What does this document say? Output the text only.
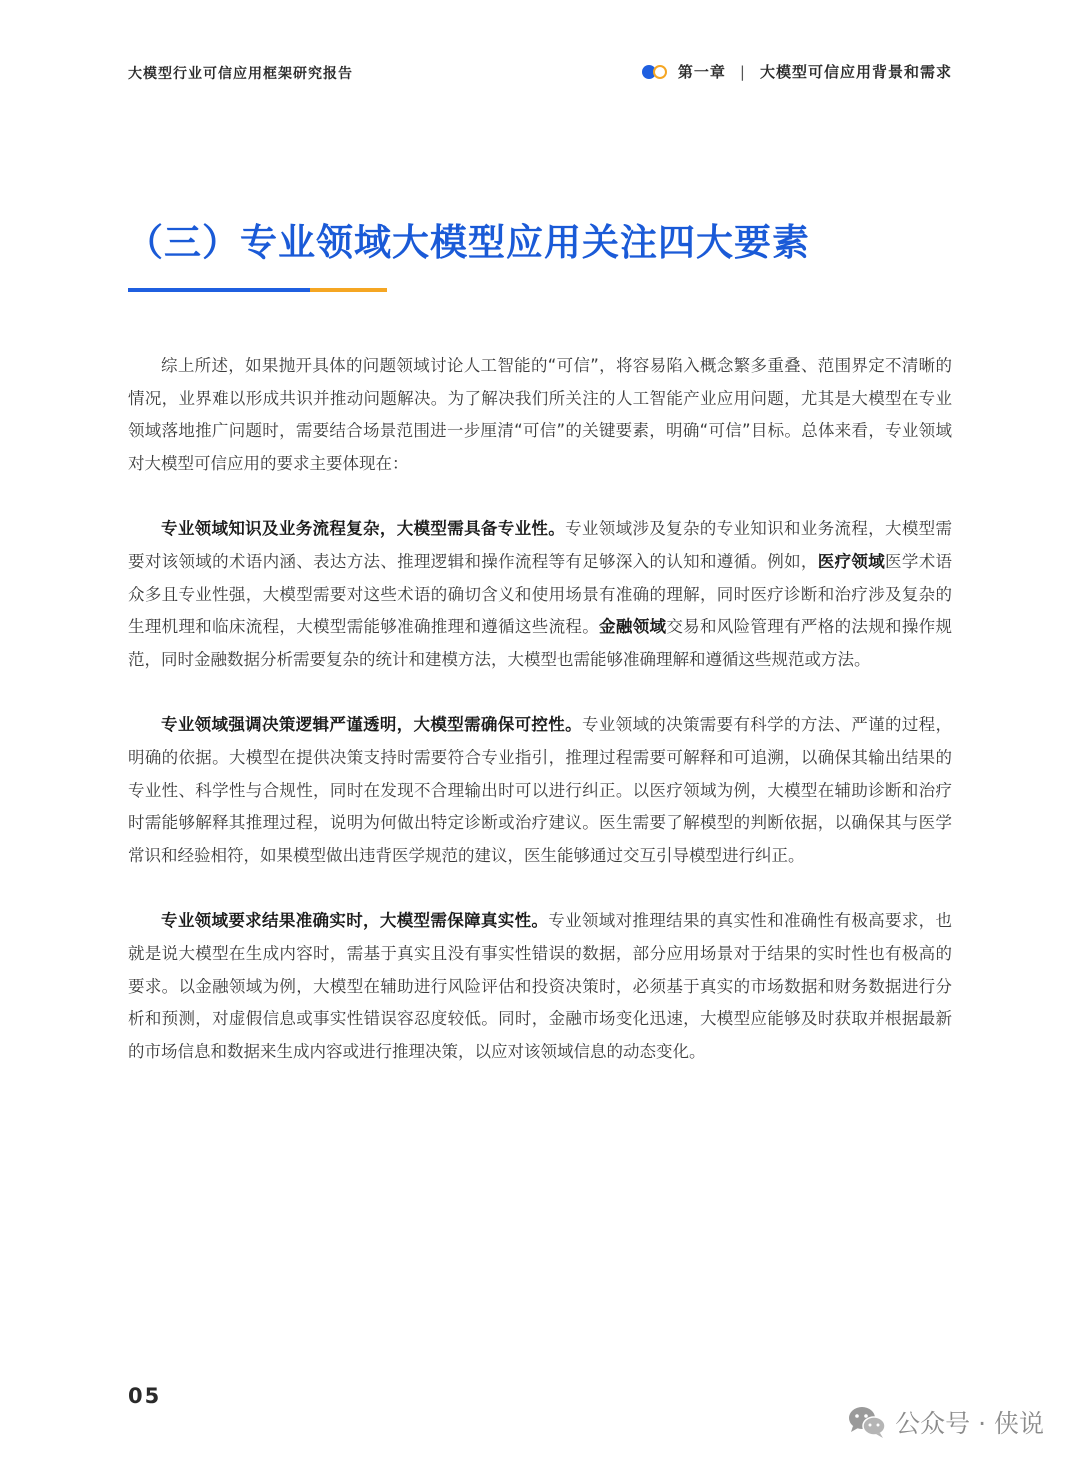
大模型行业可信应用框架研究报告	第一章 | 大模型可信应用背景和需求
（三）专业领域大模型应用关注四大要素

综上所述，如果抛开具体的问题领域讨论人工智能的“可信”，将容易陷入概念繁多重叠、范围界定不清晰的情况，业界难以形成共识并推动问题解决。为了解决我们所关注的人工智能产业应用问题，尤其是大模型在专业领域落地推广问题时，需要结合场景范围进一步厘清“可信”的关键要素，明确“可信”目标。总体来看，专业领域对大模型可信应用的要求主要体现在：

专业领域知识及业务流程复杂，大模型需具备专业性。专业领域涉及复杂的专业知识和业务流程，大模型需要对该领域的术语内涵、表达方法、推理逻辑和操作流程等有足够深入的认知和遵循。例如，医疗领域医学术语众多且专业性强，大模型需要对这些术语的确切含义和使用场景有准确的理解，同时医疗诊断和治疗涉及复杂的生理机理和临床流程，大模型需能够准确推理和遵循这些流程。金融领域交易和风险管理有严格的法规和操作规范，同时金融数据分析需要复杂的统计和建模方法，大模型也需能够准确理解和遵循这些规范或方法。

专业领域强调决策逻辑严谨透明，大模型需确保可控性。专业领域的决策需要有科学的方法、严谨的过程，明确的依据。大模型在提供决策支持时需要符合专业指引，推理过程需要可解释和可追溯，以确保其输出结果的专业性、科学性与合规性，同时在发现不合理输出时可以进行纠正。以医疗领域为例，大模型在辅助诊断和治疗时需能够解释其推理过程，说明为何做出特定诊断或治疗建议。医生需要了解模型的判断依据，以确保其与医学常识和经验相符，如果模型做出违背医学规范的建议，医生能够通过交互引导模型进行纠正。

专业领域要求结果准确实时，大模型需保障真实性。专业领域对推理结果的真实性和准确性有极高要求，也就是说大模型在生成内容时，需基于真实且没有事实性错误的数据，部分应用场景对于结果的实时性也有极高的要求。以金融领域为例，大模型在辅助进行风险评估和投资决策时，必须基于真实的市场数据和财务数据进行分析和预测，对虚假信息或事实性错误容忍度较低。同时，金融市场变化迅速，大模型应能够及时获取并根据最新的市场信息和数据来生成内容或进行推理决策，以应对该领域信息的动态变化。

05
公众号 · 侠说
